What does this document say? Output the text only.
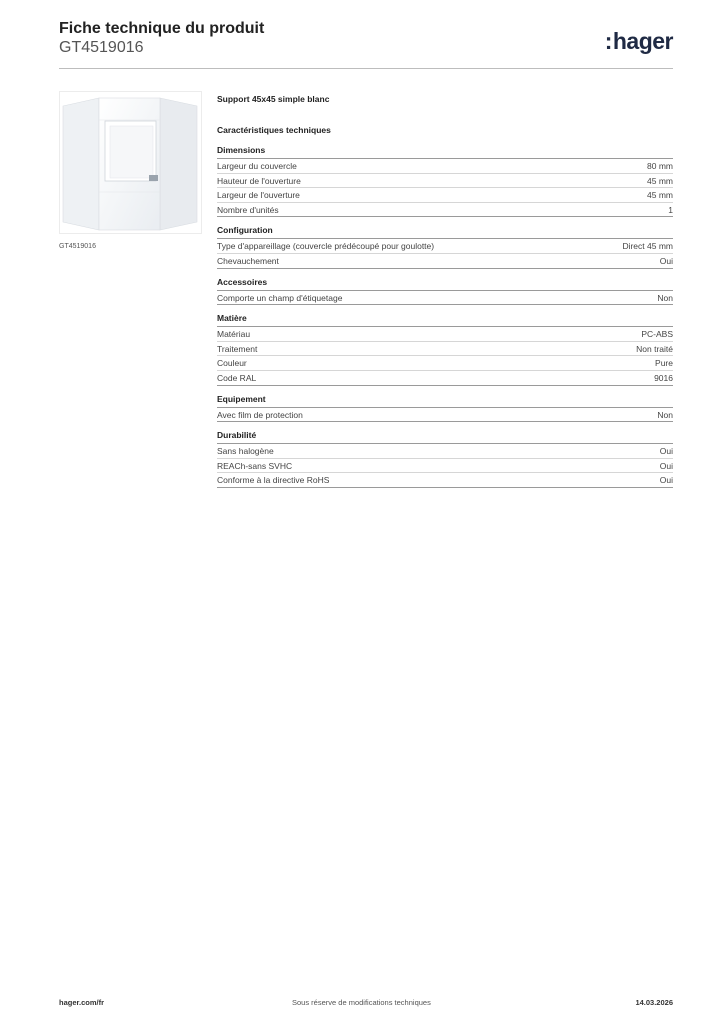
Fiche technique du produit
GT4519016	:hager
GT4519016
Support 45x45 simple blanc
Caractéristiques techniques
Dimensions
Largeur du couvercle	80 mm
Hauteur de l'ouverture	45 mm
Largeur de l'ouverture	45 mm
Nombre d'unités	1
Configuration
Type d'appareillage (couvercle prédécoupé pour goulotte)	Direct 45 mm
Chevauchement	Oui
Accessoires
Comporte un champ d'étiquetage	Non
Matière
Matériau	PC-ABS
Traitement	Non traité
Couleur	Pure
Code RAL	9016
Equipement
Avec film de protection	Non
Durabilité
Sans halogène	Oui
REACh-sans SVHC	Oui
Conforme à la directive RoHS	Oui
hager.com/fr	Sous réserve de modifications techniques	14.03.2026
